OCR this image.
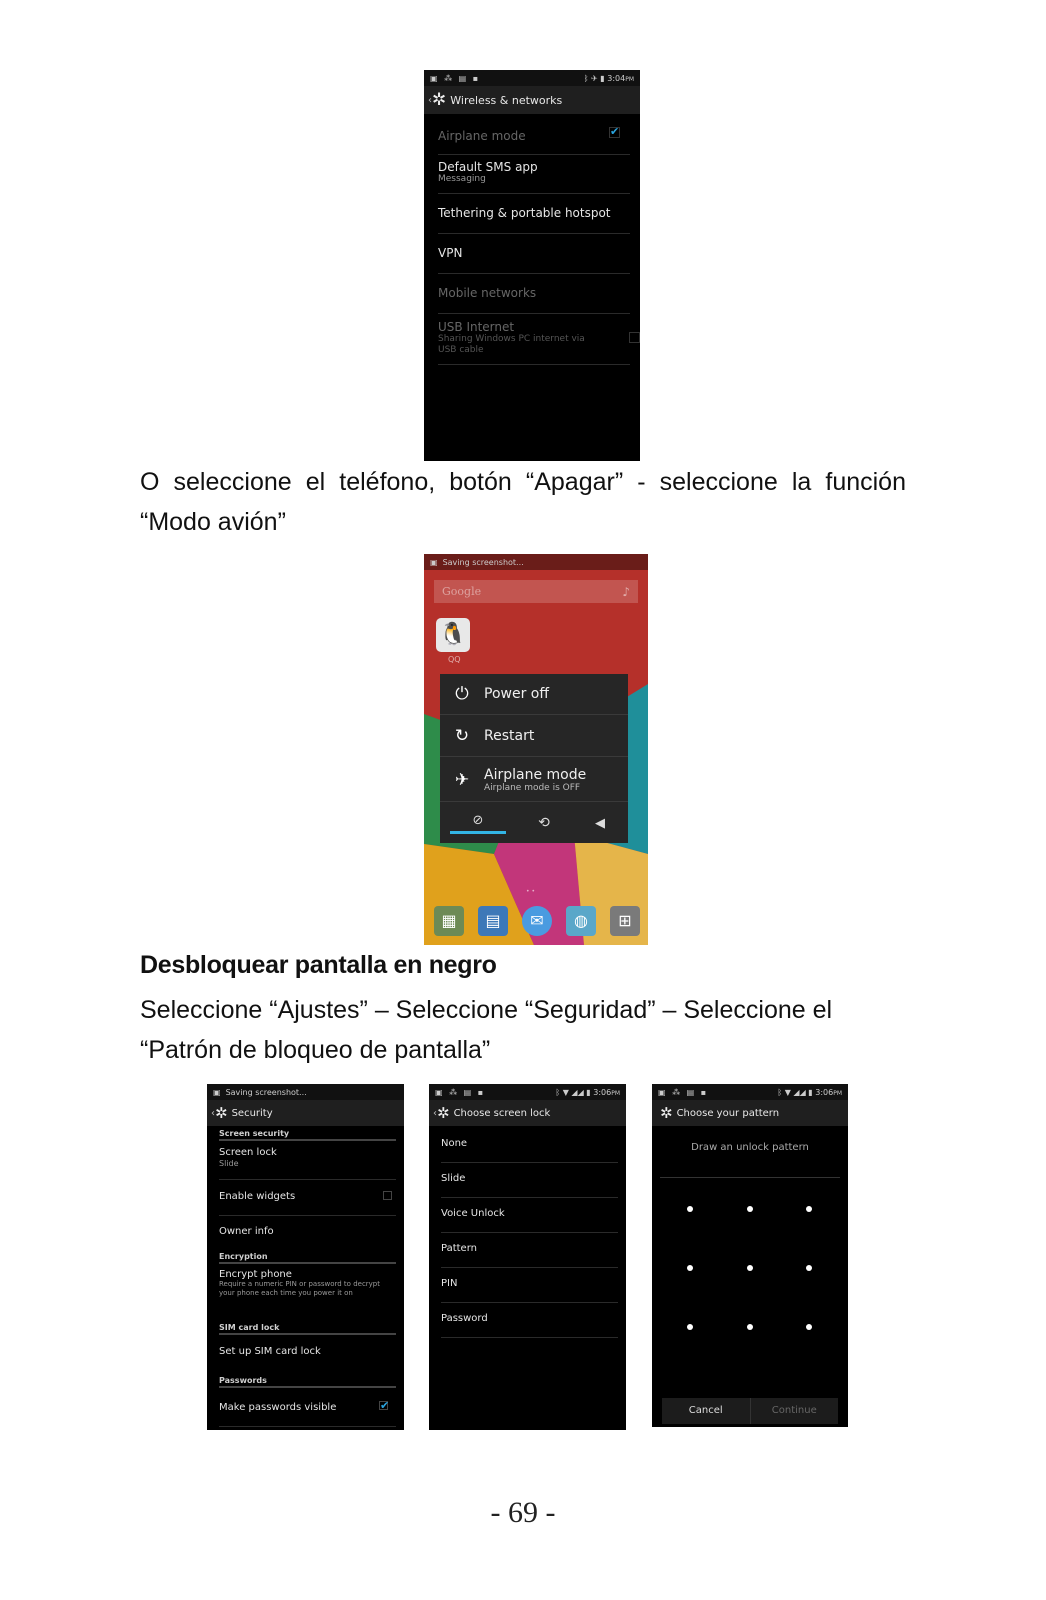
▣ ⁂ ▤ ▪	ᛒ ✈ ▮ 3:04PM
‹ ✲ Wireless & networks
Airplane mode
✔
Default SMS app
Messaging
Tethering & portable hotspot
VPN
Mobile networks
USB Internet
Sharing Windows PC internet via USB cable

O seleccione el teléfono, botón “Apagar” - seleccione la función “Modo avión”

▣ Saving screenshot...
Google	♪
🐧
QQ
⏻	Power off
↻	Restart
✈	Airplane mode
Airplane mode is OFF
⊘	⟲	◀
• •
▦	▤	✉	◍	⊞
Desbloquear pantalla en negro

Seleccione “Ajustes” – Seleccione “Seguridad” – Seleccione el “Patrón de bloqueo de pantalla”

▣ Saving screenshot...
‹ ✲ Security
Screen security
Screen lock
Slide
Enable widgets
Owner info
Encryption
Encrypt phone
Require a numeric PIN or password to decrypt your phone each time you power it on
SIM card lock
Set up SIM card lock
Passwords
Make passwords visible
✔
▣ ⁂ ▤ ▪	ᛒ ▼ ◢◢ ▮ 3:06PM
‹ ✲ Choose screen lock
None
Slide
Voice Unlock
Pattern
PIN
Password
▣ ⁂ ▤ ▪	ᛒ ▼ ◢◢ ▮ 3:06PM
✲ Choose your pattern
Draw an unlock pattern
Cancel	Continue
- 69 -
